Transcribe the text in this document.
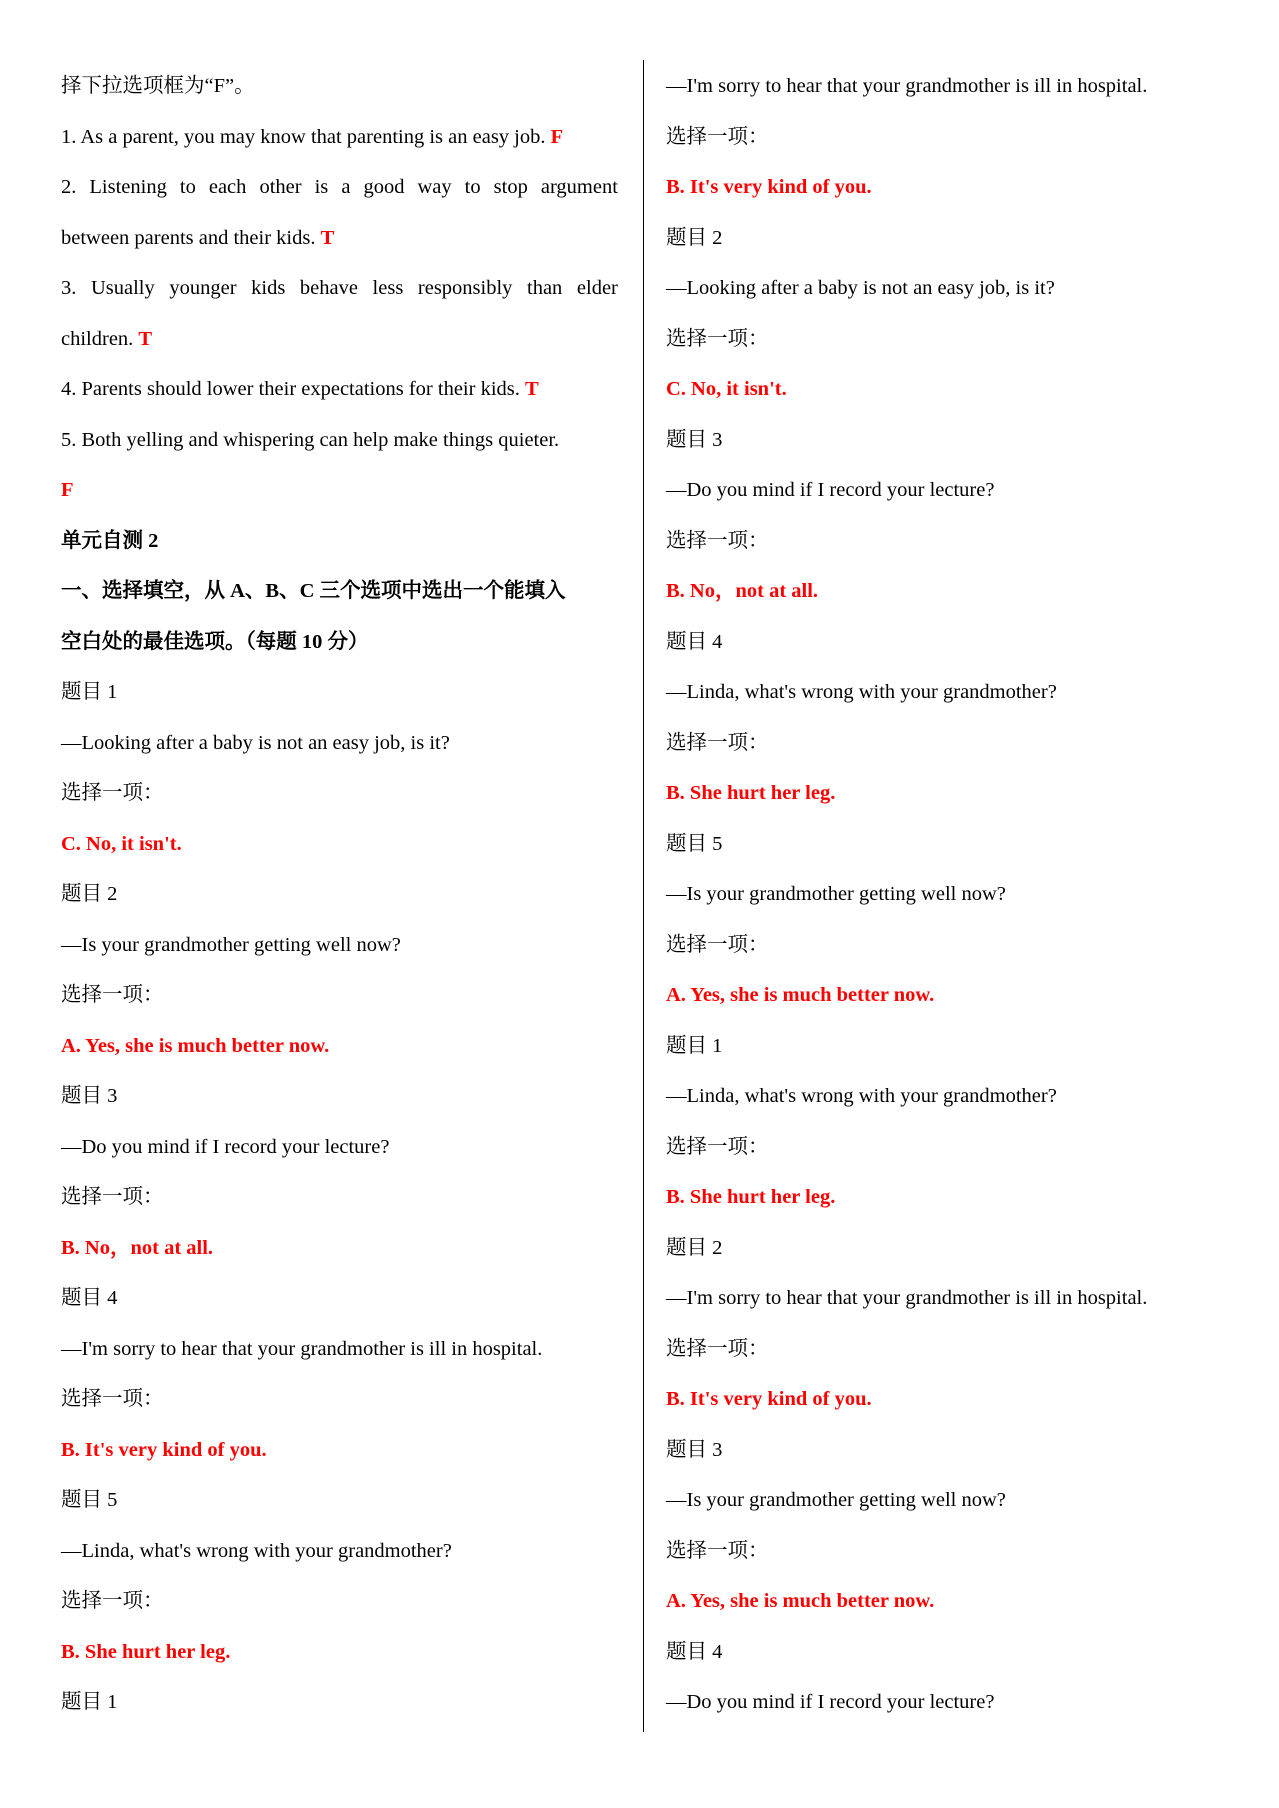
择下拉选项框为“F”。
1. As a parent, you may know that parenting is an easy job. F
2. Listening to each other is a good way to stop argument
between parents and their kids. T
3. Usually younger kids behave less responsibly than elder
children. T
4. Parents should lower their expectations for their kids. T
5. Both yelling and whispering can help make things quieter.
F
单元自测 2
一、选择填空，从 A、B、C 三个选项中选出一个能填入
空白处的最佳选项。（每题 10 分）
题目 1
—Looking after a baby is not an easy job, is it?
选择一项：
C. No, it isn't.
题目 2
—Is your grandmother getting well now?
选择一项：
A. Yes, she is much better now.
题目 3
—Do you mind if I record your lecture?
选择一项：
B. No，not at all.
题目 4
—I'm sorry to hear that your grandmother is ill in hospital.
选择一项：
B. It's very kind of you.
题目 5
—Linda, what's wrong with your grandmother?
选择一项：
B. She hurt her leg.
题目 1
—I'm sorry to hear that your grandmother is ill in hospital.
选择一项：
B. It's very kind of you.
题目 2
—Looking after a baby is not an easy job, is it?
选择一项：
C. No, it isn't.
题目 3
—Do you mind if I record your lecture?
选择一项：
B. No，not at all.
题目 4
—Linda, what's wrong with your grandmother?
选择一项：
B. She hurt her leg.
题目 5
—Is your grandmother getting well now?
选择一项：
A. Yes, she is much better now.
题目 1
—Linda, what's wrong with your grandmother?
选择一项：
B. She hurt her leg.
题目 2
—I'm sorry to hear that your grandmother is ill in hospital.
选择一项：
B. It's very kind of you.
题目 3
—Is your grandmother getting well now?
选择一项：
A. Yes, she is much better now.
题目 4
—Do you mind if I record your lecture?
